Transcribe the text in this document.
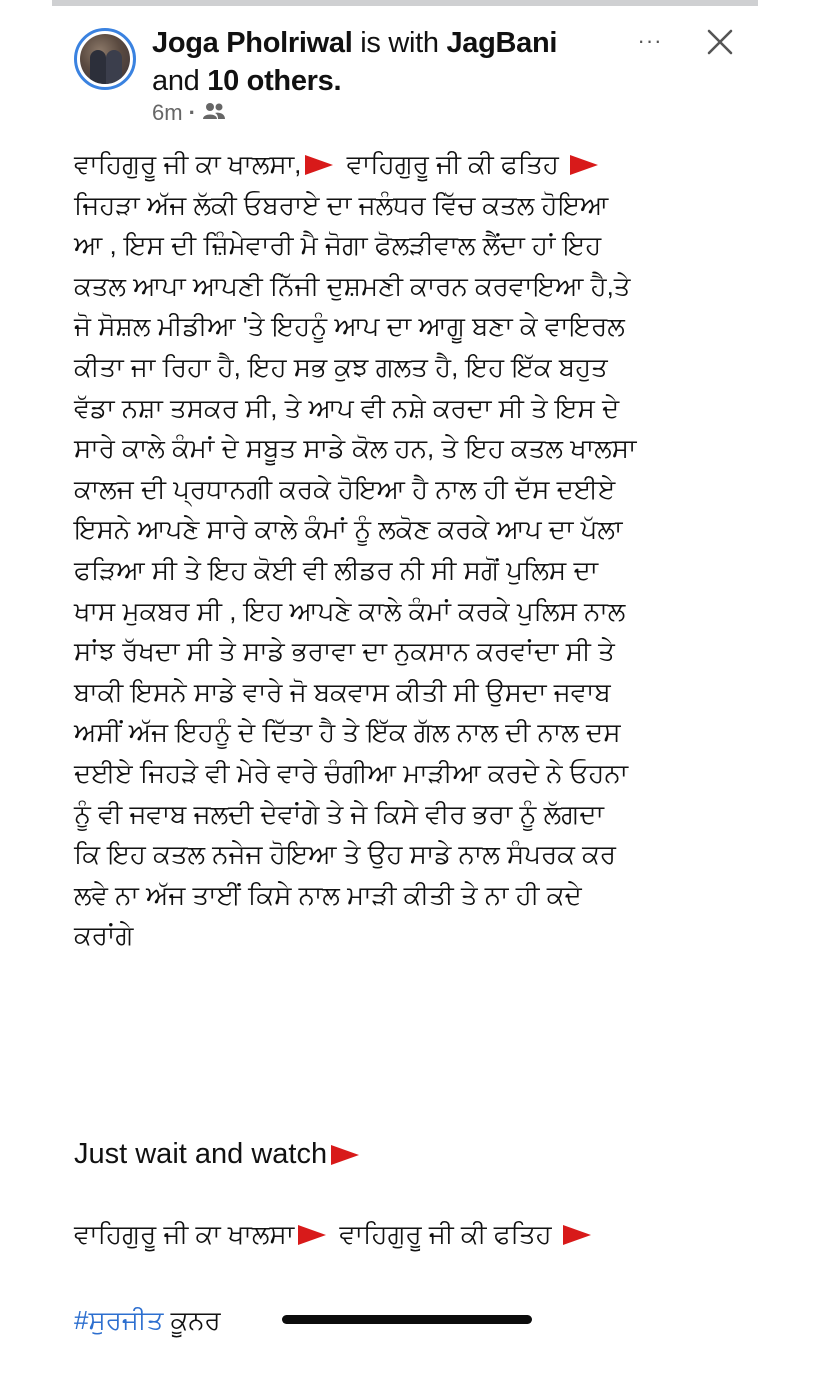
Joga Pholriwal is with JagBani and 10 others.
6m ·
···
ਵਾਹਿਗੁਰੂ ਜੀ ਕਾ ਖਾਲਸਾ, ਵਾਹਿਗੁਰੂ ਜੀ ਕੀ ਫਤਿਹ
ਜਿਹੜਾ ਅੱਜ ਲੱਕੀ ਓਬਰਾਏ ਦਾ ਜਲੰਧਰ ਵਿੱਚ ਕਤਲ ਹੋਇਆ
ਆ , ਇਸ ਦੀ ਜ਼ਿੰਮੇਵਾਰੀ ਮੈ ਜੋਗਾ ਫੋਲੜੀਵਾਲ ਲੈਂਦਾ ਹਾਂ ਇਹ
ਕਤਲ ਆਪਾ ਆਪਣੀ ਨਿੱਜੀ ਦੁਸ਼ਮਣੀ ਕਾਰਨ ਕਰਵਾਇਆ ਹੈ,ਤੇ
ਜੋ ਸੋਸ਼ਲ ਮੀਡੀਆ 'ਤੇ ਇਹਨੂੰ ਆਪ ਦਾ ਆਗੂ ਬਣਾ ਕੇ ਵਾਇਰਲ
ਕੀਤਾ ਜਾ ਰਿਹਾ ਹੈ, ਇਹ ਸਭ ਕੁਝ ਗਲਤ ਹੈ, ਇਹ ਇੱਕ ਬਹੁਤ
ਵੱਡਾ ਨਸ਼ਾ ਤਸਕਰ ਸੀ, ਤੇ ਆਪ ਵੀ ਨਸ਼ੇ ਕਰਦਾ ਸੀ ਤੇ ਇਸ ਦੇ
ਸਾਰੇ ਕਾਲੇ ਕੰਮਾਂ ਦੇ ਸਬੂਤ ਸਾਡੇ ਕੋਲ ਹਨ, ਤੇ ਇਹ ਕਤਲ ਖਾਲਸਾ
ਕਾਲਜ ਦੀ ਪ੍ਰਧਾਨਗੀ ਕਰਕੇ ਹੋਇਆ ਹੈ ਨਾਲ ਹੀ ਦੱਸ ਦਈਏ
ਇਸਨੇ ਆਪਣੇ ਸਾਰੇ ਕਾਲੇ ਕੰਮਾਂ ਨੂੰ ਲਕੋਣ ਕਰਕੇ ਆਪ ਦਾ ਪੱਲਾ
ਫੜਿਆ ਸੀ ਤੇ ਇਹ ਕੋਈ ਵੀ ਲੀਡਰ ਨੀ ਸੀ ਸਗੋਂ ਪੁਲਿਸ ਦਾ
ਖਾਸ ਮੁਕਬਰ ਸੀ , ਇਹ ਆਪਣੇ ਕਾਲੇ ਕੰਮਾਂ ਕਰਕੇ ਪੁਲਿਸ ਨਾਲ
ਸਾਂਝ ਰੱਖਦਾ ਸੀ ਤੇ ਸਾਡੇ ਭਰਾਵਾ ਦਾ ਨੁਕਸਾਨ ਕਰਵਾਂਦਾ ਸੀ ਤੇ
ਬਾਕੀ ਇਸਨੇ ਸਾਡੇ ਵਾਰੇ ਜੋ ਬਕਵਾਸ ਕੀਤੀ ਸੀ ਉਸਦਾ ਜਵਾਬ
ਅਸੀਂ ਅੱਜ ਇਹਨੂੰ ਦੇ ਦਿੱਤਾ ਹੈ ਤੇ ਇੱਕ ਗੱਲ ਨਾਲ ਦੀ ਨਾਲ ਦਸ
ਦਈਏ ਜਿਹੜੇ ਵੀ ਮੇਰੇ ਵਾਰੇ ਚੰਗੀਆ ਮਾੜੀਆ ਕਰਦੇ ਨੇ ਓਹਨਾ
ਨੂੰ ਵੀ ਜਵਾਬ ਜਲਦੀ ਦੇਵਾਂਗੇ ਤੇ ਜੇ ਕਿਸੇ ਵੀਰ ਭਰਾ ਨੂੰ ਲੱਗਦਾ
ਕਿ ਇਹ ਕਤਲ ਨਜੇਜ ਹੋਇਆ ਤੇ ਉਹ ਸਾਡੇ ਨਾਲ ਸੰਪਰਕ ਕਰ
ਲਵੇ ਨਾ ਅੱਜ ਤਾਈਂ ਕਿਸੇ ਨਾਲ ਮਾੜੀ ਕੀਤੀ ਤੇ ਨਾ ਹੀ ਕਦੇ
ਕਰਾਂਗੇ
Just wait and watch
ਵਾਹਿਗੁਰੂ ਜੀ ਕਾ ਖਾਲਸਾ ਵਾਹਿਗੁਰੂ ਜੀ ਕੀ ਫਤਿਹ
#ਸੁਰਜੀਤ ਕੂਨਰ
